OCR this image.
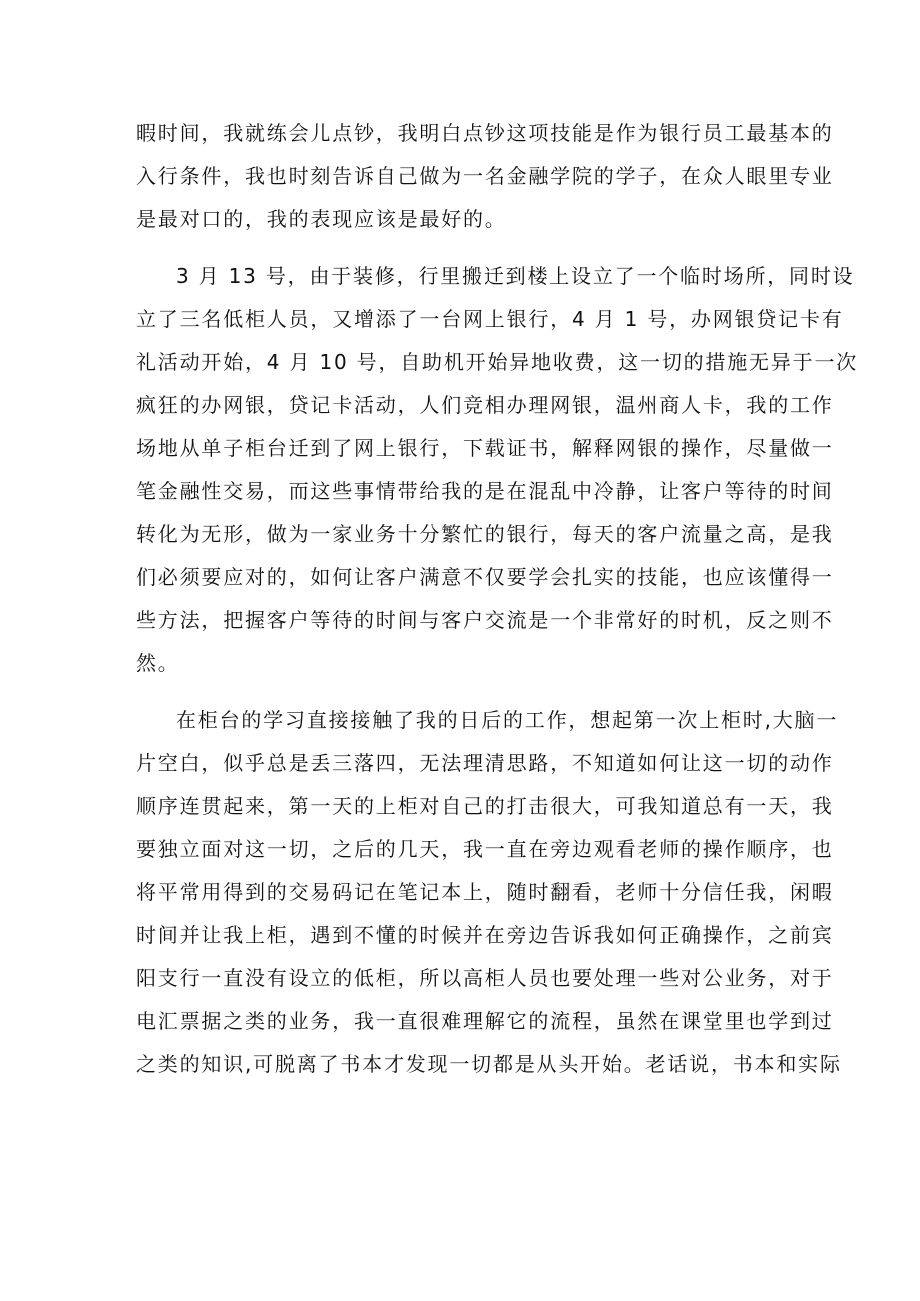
暇时间，我就练会儿点钞，我明白点钞这项技能是作为银行员工最基本的
入行条件，我也时刻告诉自己做为一名金融学院的学子，在众人眼里专业
是最对口的，我的表现应该是最好的。

3 月 13 号，由于装修，行里搬迁到楼上设立了一个临时场所，同时设
立了三名低柜人员，又增添了一台网上银行，4 月 1 号，办网银贷记卡有
礼活动开始，4 月 10 号，自助机开始异地收费，这一切的措施无异于一次
疯狂的办网银，贷记卡活动，人们竞相办理网银，温州商人卡，我的工作
场地从单子柜台迁到了网上银行，下载证书，解释网银的操作，尽量做一
笔金融性交易，而这些事情带给我的是在混乱中冷静，让客户等待的时间
转化为无形，做为一家业务十分繁忙的银行，每天的客户流量之高，是我
们必须要应对的，如何让客户满意不仅要学会扎实的技能，也应该懂得一
些方法，把握客户等待的时间与客户交流是一个非常好的时机，反之则不
然。

在柜台的学习直接接触了我的日后的工作，想起第一次上柜时,大脑一
片空白，似乎总是丢三落四，无法理清思路，不知道如何让这一切的动作
顺序连贯起来，第一天的上柜对自己的打击很大，可我知道总有一天，我
要独立面对这一切，之后的几天，我一直在旁边观看老师的操作顺序，也
将平常用得到的交易码记在笔记本上，随时翻看，老师十分信任我，闲暇
时间并让我上柜，遇到不懂的时候并在旁边告诉我如何正确操作，之前宾
阳支行一直没有设立的低柜，所以高柜人员也要处理一些对公业务，对于
电汇票据之类的业务，我一直很难理解它的流程，虽然在课堂里也学到过
之类的知识,可脱离了书本才发现一切都是从头开始。老话说，书本和实际
